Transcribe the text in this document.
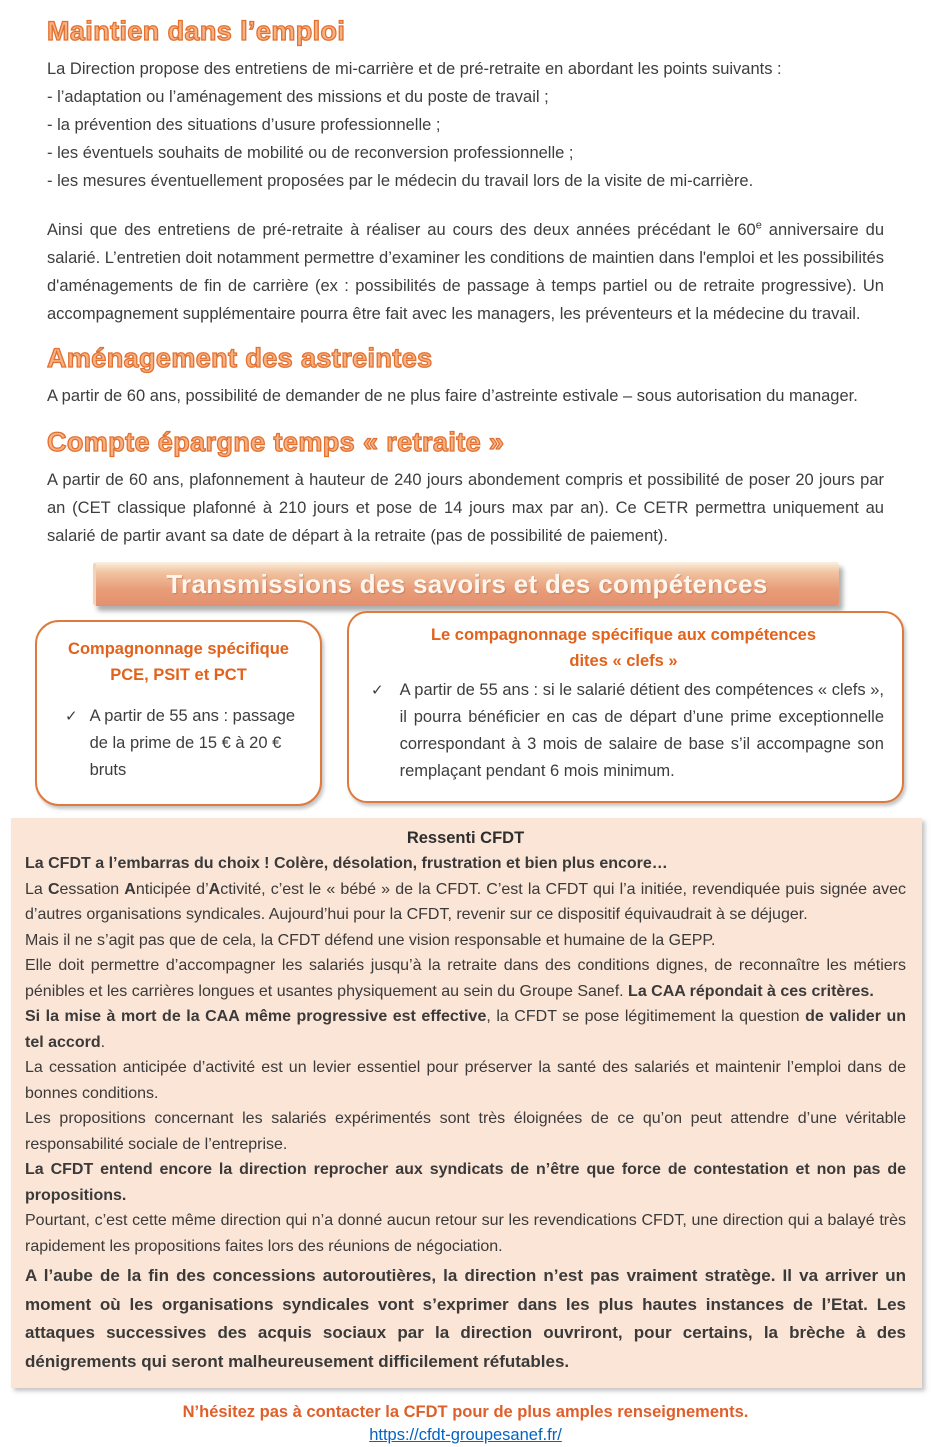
Maintien dans l’emploi

La Direction propose des entretiens de mi-carrière et de pré-retraite en abordant les points suivants :

- l’adaptation ou l’aménagement des missions et du poste de travail ;
- la prévention des situations d’usure professionnelle ;
- les éventuels souhaits de mobilité ou de reconversion professionnelle ;
- les mesures éventuellement proposées par le médecin du travail lors de la visite de mi-carrière.

Ainsi que des entretiens de pré-retraite à réaliser au cours des deux années précédant le 60e anniversaire du salarié. L’entretien doit notamment permettre d’examiner les conditions de maintien dans l'emploi et les possibilités d'aménagements de fin de carrière (ex : possibilités de passage à temps partiel ou de retraite progressive). Un accompagnement supplémentaire pourra être fait avec les managers, les préventeurs et la médecine du travail.

Aménagement des astreintes

A partir de 60 ans, possibilité de demander de ne plus faire d’astreinte estivale – sous autorisation du manager.

Compte épargne temps « retraite »

A partir de 60 ans, plafonnement à hauteur de 240 jours abondement compris et possibilité de poser 20 jours par an (CET classique plafonné à 210 jours et pose de 14 jours max par an). Ce CETR permettra uniquement au salarié de partir avant sa date de départ à la retraite (pas de possibilité de paiement).

Transmissions des savoirs et des compétences
Compagnonnage spécifique
PCE, PSIT et PCT
✓ A partir de 55 ans : passage de la prime de 15 € à 20 € bruts
Le compagnonnage spécifique aux compétences
dites « clefs »
✓ A partir de 55 ans : si le salarié détient des compétences « clefs », il pourra bénéficier en cas de départ d’une prime exceptionnelle correspondant à 3 mois de salaire de base s’il accompagne son remplaçant pendant 6 mois minimum.
Ressenti CFDT

La CFDT a l’embarras du choix ! Colère, désolation, frustration et bien plus encore…

La Cessation Anticipée d’Activité, c’est le « bébé » de la CFDT. C’est la CFDT qui l’a initiée, revendiquée puis signée avec d’autres organisations syndicales. Aujourd’hui pour la CFDT, revenir sur ce dispositif équivaudrait à se déjuger.

Mais il ne s’agit pas que de cela, la CFDT défend une vision responsable et humaine de la GEPP.

Elle doit permettre d’accompagner les salariés jusqu’à la retraite dans des conditions dignes, de reconnaître les métiers pénibles et les carrières longues et usantes physiquement au sein du Groupe Sanef. La CAA répondait à ces critères.

Si la mise à mort de la CAA même progressive est effective, la CFDT se pose légitimement la question de valider un tel accord.

La cessation anticipée d’activité est un levier essentiel pour préserver la santé des salariés et maintenir l’emploi dans de bonnes conditions.

Les propositions concernant les salariés expérimentés sont très éloignées de ce qu’on peut attendre d’une véritable responsabilité sociale de l’entreprise.

La CFDT entend encore la direction reprocher aux syndicats de n’être que force de contestation et non pas de propositions.

Pourtant, c’est cette même direction qui n’a donné aucun retour sur les revendications CFDT, une direction qui a balayé très rapidement les propositions faites lors des réunions de négociation.

A l’aube de la fin des concessions autoroutières, la direction n’est pas vraiment stratège. Il va arriver un moment où les organisations syndicales vont s’exprimer dans les plus hautes instances de l’Etat. Les attaques successives des acquis sociaux par la direction ouvriront, pour certains, la brèche à des dénigrements qui seront malheureusement difficilement réfutables.

N’hésitez pas à contacter la CFDT pour de plus amples renseignements.
https://cfdt-groupesanef.fr/
